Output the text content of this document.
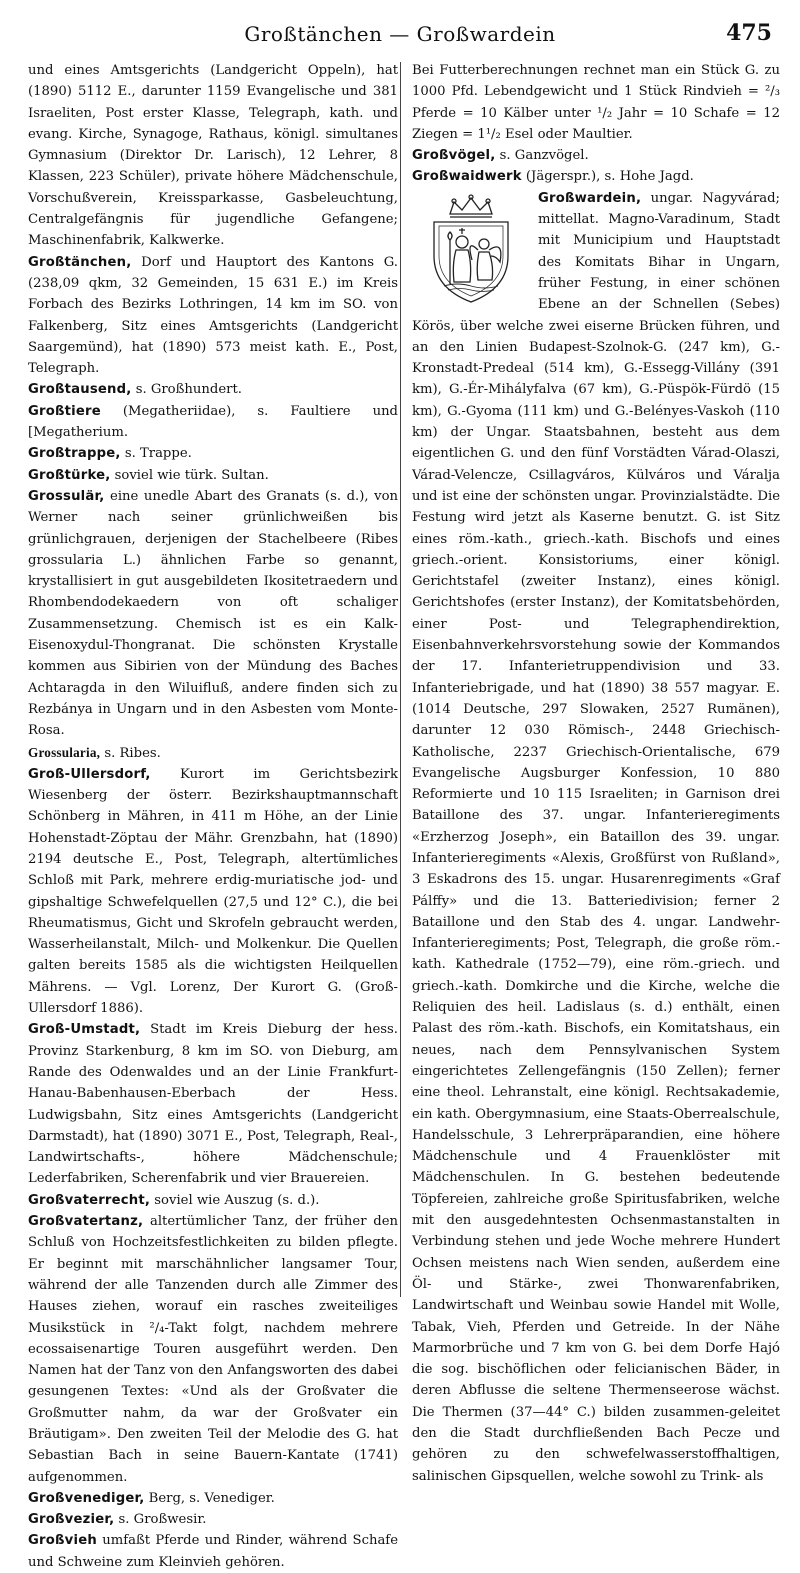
Großtänchen — Großwardein	475

und eines Amtsgerichts (Landgericht Oppeln), hat (1890) 5112 E., darunter 1159 Evangelische und 381 Israeliten, Post erster Klasse, Telegraph, kath. und evang. Kirche, Synagoge, Rathaus, königl. simultanes Gymnasium (Direktor Dr. Larisch), 12 Lehrer, 8 Klassen, 223 Schüler), private höhere Mädchenschule, Vorschußverein, Kreissparkasse, Gasbeleuchtung, Centralgefängnis für jugendliche Gefangene; Maschinenfabrik, Kalkwerke.

Großtänchen, Dorf und Hauptort des Kantons G. (238,09 qkm, 32 Gemeinden, 15 631 E.) im Kreis Forbach des Bezirks Lothringen, 14 km im SO. von Falkenberg, Sitz eines Amtsgerichts (Landgericht Saargemünd), hat (1890) 573 meist kath. E., Post, Telegraph.

Großtausend, s. Großhundert.

Großtiere (Megatheriidae), s. Faultiere und [Megatherium.

Großtrappe, s. Trappe.

Großtürke, soviel wie türk. Sultan.

Grossulär, eine unedle Abart des Granats (s. d.), von Werner nach seiner grünlichweißen bis grünlichgrauen, derjenigen der Stachelbeere (Ribes grossularia L.) ähnlichen Farbe so genannt, krystallisiert in gut ausgebildeten Ikositetraedern und Rhombendodekaedern von oft schaliger Zusammensetzung. Chemisch ist es ein Kalk-Eisenoxydul-Thongranat. Die schönsten Krystalle kommen aus Sibirien von der Mündung des Baches Achtaragda in den Wiluifluß, andere finden sich zu Rezbánya in Ungarn und in den Asbesten vom Monte-Rosa.

Grossularia, s. Ribes.

Groß-Ullersdorf, Kurort im Gerichtsbezirk Wiesenberg der österr. Bezirkshauptmannschaft Schönberg in Mähren, in 411 m Höhe, an der Linie Hohenstadt-Zöptau der Mähr. Grenzbahn, hat (1890) 2194 deutsche E., Post, Telegraph, altertümliches Schloß mit Park, mehrere erdig-muriatische jod- und gipshaltige Schwefelquellen (27,5 und 12° C.), die bei Rheumatismus, Gicht und Skrofeln gebraucht werden, Wasserheilanstalt, Milch- und Molkenkur. Die Quellen galten bereits 1585 als die wichtigsten Heilquellen Mährens. — Vgl. Lorenz, Der Kurort G. (Groß-Ullersdorf 1886).

Groß-Umstadt, Stadt im Kreis Dieburg der hess. Provinz Starkenburg, 8 km im SO. von Dieburg, am Rande des Odenwaldes und an der Linie Frankfurt-Hanau-Babenhausen-Eberbach der Hess. Ludwigsbahn, Sitz eines Amtsgerichts (Landgericht Darmstadt), hat (1890) 3071 E., Post, Telegraph, Real-, Landwirtschafts-, höhere Mädchenschule; Lederfabriken, Scherenfabrik und vier Brauereien.

Großvaterrecht, soviel wie Auszug (s. d.).

Großvatertanz, altertümlicher Tanz, der früher den Schluß von Hochzeitsfestlichkeiten zu bilden pflegte. Er beginnt mit marschähnlicher langsamer Tour, während der alle Tanzenden durch alle Zimmer des Hauses ziehen, worauf ein rasches zweiteiliges Musikstück in ²/₄-Takt folgt, nachdem mehrere ecossaisenartige Touren ausgeführt werden. Den Namen hat der Tanz von den Anfangsworten des dabei gesungenen Textes: «Und als der Großvater die Großmutter nahm, da war der Großvater ein Bräutigam». Den zweiten Teil der Melodie des G. hat Sebastian Bach in seine Bauern-Kantate (1741) aufgenommen.

Großvenediger, Berg, s. Venediger.

Großvezier, s. Großwesir.

Großvieh umfaßt Pferde und Rinder, während Schafe und Schweine zum Kleinvieh gehören.

Bei Futterberechnungen rechnet man ein Stück G. zu 1000 Pfd. Lebendgewicht und 1 Stück Rindvieh = ²/₃ Pferde = 10 Kälber unter ¹/₂ Jahr = 10 Schafe = 12 Ziegen = 1¹/₂ Esel oder Maultier.

Großvögel, s. Ganzvögel.

Großwaidwerk (Jägerspr.), s. Hohe Jagd.

Großwardein,
ungar. Nagyvárad; mittellat. Magno-Varadinum, Stadt mit Municipium und Hauptstadt des Komitats Bihar in Ungarn, früher Festung, in einer schönen Ebene an der Schnellen (Sebes) Körös, über welche zwei eiserne Brücken führen, und an den Linien Budapest-Szolnok-G. (247 km), G.-Kronstadt-Predeal (514 km), G.-Essegg-Villány (391 km), G.-Ér-Mihályfalva (67 km), G.-Püspök-Fürdö (15 km), G.-Gyoma (111 km) und G.-Belényes-Vaskoh (110 km) der Ungar. Staatsbahnen, besteht aus dem eigentlichen G. und den fünf Vorstädten Várad-Olaszi, Várad-Velencze, Csillagváros, Külváros und Váralja und ist eine der schönsten ungar. Provinzialstädte. Die Festung wird jetzt als Kaserne benutzt. G. ist Sitz eines röm.-kath., griech.-kath. Bischofs und eines griech.-orient. Konsistoriums, einer königl. Gerichtstafel (zweiter Instanz), eines königl. Gerichtshofes (erster Instanz), der Komitatsbehörden, einer Post- und Telegraphendirektion, Eisenbahnverkehrsvorstehung sowie der Kommandos der 17. Infanterietruppendivision und 33. Infanteriebrigade, und hat (1890) 38 557 magyar. E. (1014 Deutsche, 297 Slowaken, 2527 Rumänen), darunter 12 030 Römisch-, 2448 Griechisch-Katholische, 2237 Griechisch-Orientalische, 679 Evangelische Augsburger Konfession, 10 880 Reformierte und 10 115 Israeliten; in Garnison drei Bataillone des 37. ungar. Infanterieregiments «Erzherzog Joseph», ein Bataillon des 39. ungar. Infanterieregiments «Alexis, Großfürst von Rußland», 3 Eskadrons des 15. ungar. Husarenregiments «Graf Pálffy» und die 13. Batteriedivision; ferner 2 Bataillone und den Stab des 4. ungar. Landwehr-Infanterieregiments; Post, Telegraph, die große röm.-kath. Kathedrale (1752—79), eine röm.-griech. und griech.-kath. Domkirche und die Kirche, welche die Reliquien des heil. Ladislaus (s. d.) enthält, einen Palast des röm.-kath. Bischofs, ein Komitatshaus, ein neues, nach dem Pennsylvanischen System eingerichtetes Zellengefängnis (150 Zellen); ferner eine theol. Lehranstalt, eine königl. Rechtsakademie, ein kath. Obergymnasium, eine Staats-Oberrealschule, Handelsschule, 3 Lehrerpräparandien, eine höhere Mädchenschule und 4 Frauenklöster mit Mädchenschulen. In G. bestehen bedeutende Töpfereien, zahlreiche große Spiritusfabriken, welche mit den ausgedehntesten Ochsenmastanstalten in Verbindung stehen und jede Woche mehrere Hundert Ochsen meistens nach Wien senden, außerdem eine Öl- und Stärke-, zwei Thonwarenfabriken, Landwirtschaft und Weinbau sowie Handel mit Wolle, Tabak, Vieh, Pferden und Getreide. In der Nähe Marmorbrüche und 7 km von G. bei dem Dorfe Hajó die sog. bischöflichen oder felicianischen Bäder, in deren Abflusse die seltene Thermenseerose wächst. Die Thermen (37—44° C.) bilden zusammen-geleitet den die Stadt durchfließenden Bach Pecze und gehören zu den schwefelwasserstoffhaltigen, salinischen Gipsquellen, welche sowohl zu Trink- als
